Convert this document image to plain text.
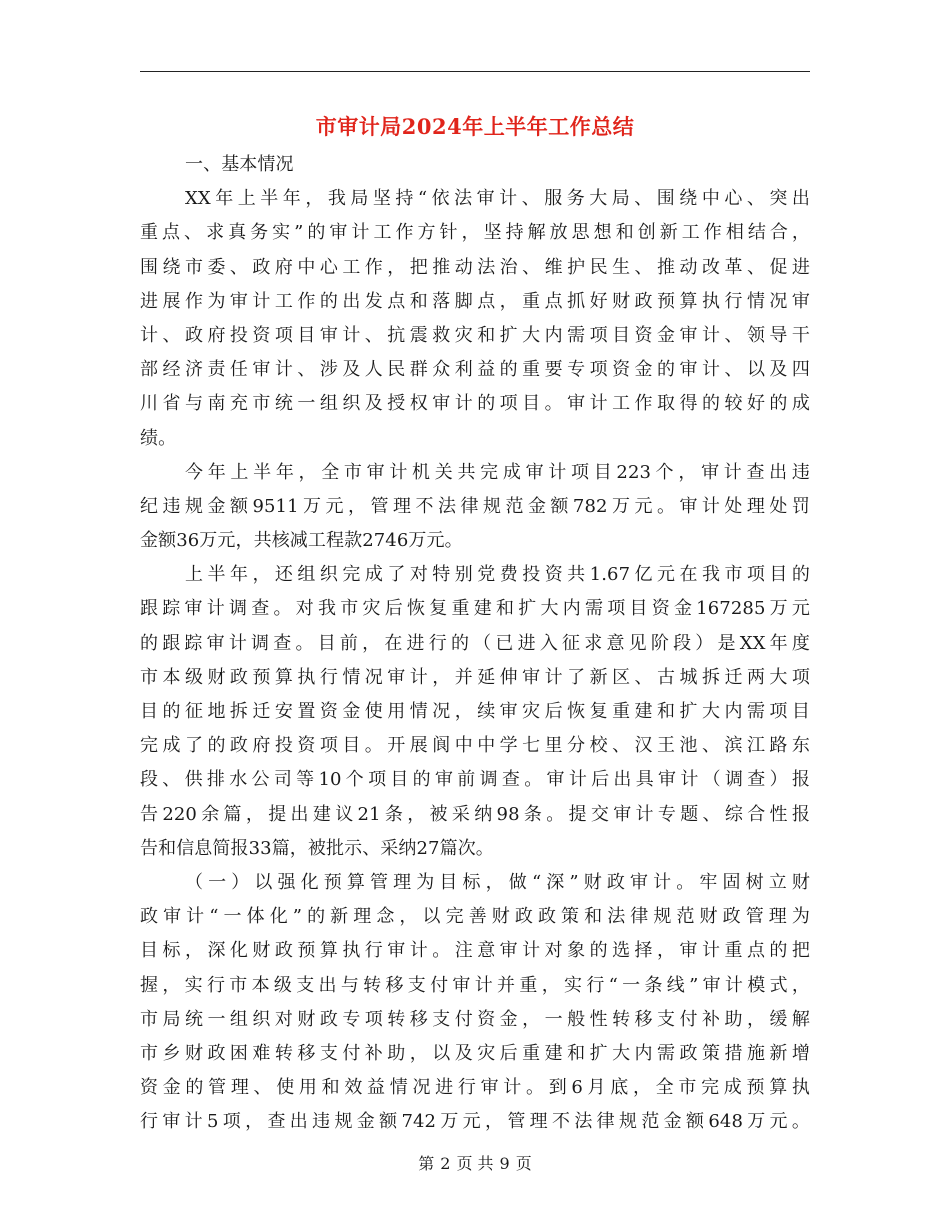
市审计局2024年上半年工作总结
一、基本情况
XX年上半年，我局坚持“依法审计、服务大局、围绕中心、突出
重点、求真务实”的审计工作方针，坚持解放思想和创新工作相结合，
围绕市委、政府中心工作，把推动法治、维护民生、推动改革、促进
进展作为审计工作的出发点和落脚点，重点抓好财政预算执行情况审
计、政府投资项目审计、抗震救灾和扩大内需项目资金审计、领导干
部经济责任审计、涉及人民群众利益的重要专项资金的审计、以及四
川省与南充市统一组织及授权审计的项目。审计工作取得的较好的成
绩。
今年上半年，全市审计机关共完成审计项目223个，审计查出违
纪违规金额9511万元，管理不法律规范金额782万元。审计处理处罚
金额36万元，共核减工程款2746万元。
上半年，还组织完成了对特别党费投资共1.67亿元在我市项目的
跟踪审计调查。对我市灾后恢复重建和扩大内需项目资金167285万元
的跟踪审计调查。目前，在进行的（已进入征求意见阶段）是XX年度
市本级财政预算执行情况审计，并延伸审计了新区、古城拆迁两大项
目的征地拆迁安置资金使用情况，续审灾后恢复重建和扩大内需项目
完成了的政府投资项目。开展阆中中学七里分校、汉王池、滨江路东
段、供排水公司等10个项目的审前调查。审计后出具审计（调查）报
告220余篇，提出建议21条，被采纳98条。提交审计专题、综合性报
告和信息简报33篇，被批示、采纳27篇次。
（一）以强化预算管理为目标，做“深”财政审计。牢固树立财
政审计“一体化”的新理念，以完善财政政策和法律规范财政管理为
目标，深化财政预算执行审计。注意审计对象的选择，审计重点的把
握，实行市本级支出与转移支付审计并重，实行“一条线”审计模式，
市局统一组织对财政专项转移支付资金，一般性转移支付补助，缓解
市乡财政困难转移支付补助，以及灾后重建和扩大内需政策措施新增
资金的管理、使用和效益情况进行审计。到6月底，全市完成预算执
行审计5项，查出违规金额742万元，管理不法律规范金额648万元。
第 2 页 共 9 页
